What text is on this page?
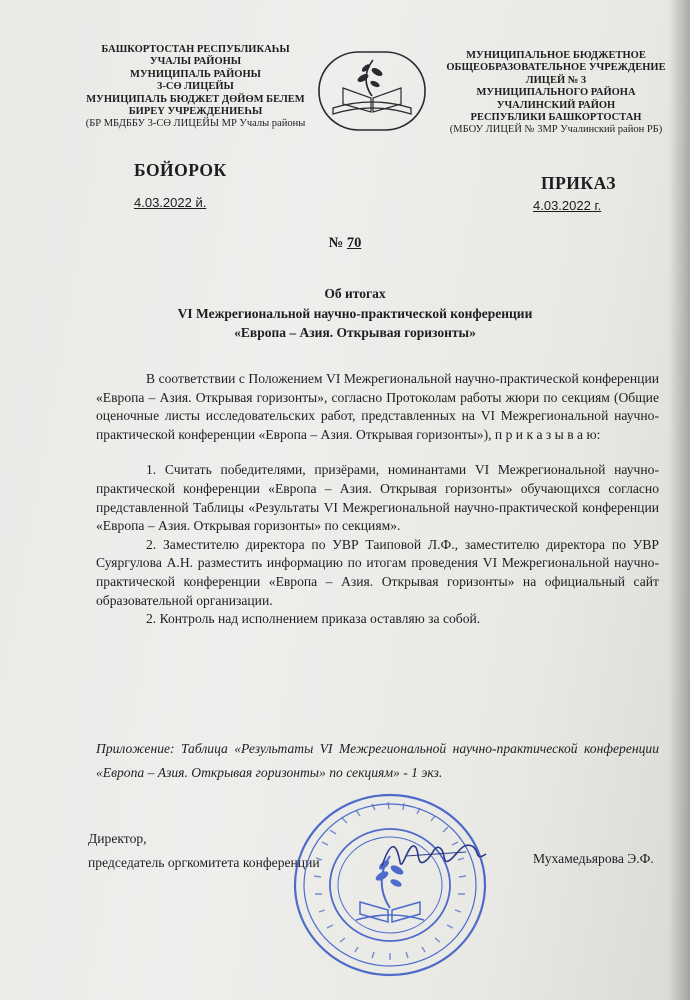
БАШКОРТОСТАН РЕСПУБЛИКАҺЫ
УЧАЛЫ РАЙОНЫ
МУНИЦИПАЛЬ РАЙОНЫ
3-СӨ ЛИЦЕЙЫ
МУНИЦИПАЛЬ БЮДЖЕТ ДӨЙӨМ БЕЛЕМ
БИРЕҮ УЧРЕЖДЕНИЕҺЫ
(БР МБДББУ 3-СӨ ЛИЦЕЙЫ МР Учалы районы
МУНИЦИПАЛЬНОЕ БЮДЖЕТНОЕ
ОБЩЕОБРАЗОВАТЕЛЬНОЕ УЧРЕЖДЕНИЕ
ЛИЦЕЙ № 3
МУНИЦИПАЛЬНОГО РАЙОНА
УЧАЛИНСКИЙ РАЙОН
РЕСПУБЛИКИ БАШКОРТОСТАН
(МБОУ ЛИЦЕЙ № 3МР Учалинский район РБ)
БОЙОРОК
4.03.2022 й.
ПРИКАЗ
4.03.2022 г.
№ 70
Об итогах
VI Межрегиональной научно-практической конференции
«Европа – Азия. Открывая горизонты»

В соответствии с Положением VI Межрегиональной научно-практической конференции «Европа – Азия. Открывая горизонты», согласно Протоколам работы жюри по секциям (Общие оценочные листы исследовательских работ, представленных на VI Межрегиональной научно-практической конференции «Европа – Азия. Открывая горизонты»), п р и к а з ы в а ю:

1. Считать победителями, призёрами, номинантами VI Межрегиональной научно-практической конференции «Европа – Азия. Открывая горизонты» обучающихся согласно представленной Таблицы «Результаты VI Межрегиональной научно-практической конференции «Европа – Азия. Открывая горизонты» по секциям».

2. Заместителю директора по УВР Таиповой Л.Ф., заместителю директора по УВР Суяргулова А.Н. разместить информацию по итогам проведения VI Межрегиональной научно-практической конференции «Европа – Азия. Открывая горизонты» на официальный сайт образовательной организации.

2. Контроль над исполнением приказа оставляю за собой.

Приложение: Таблица «Результаты VI Межрегиональной научно-практической конференции «Европа – Азия. Открывая горизонты» по секциям» - 1 экз.
Директор,
председатель оргкомитета конференции	Мухамедьярова Э.Ф.
